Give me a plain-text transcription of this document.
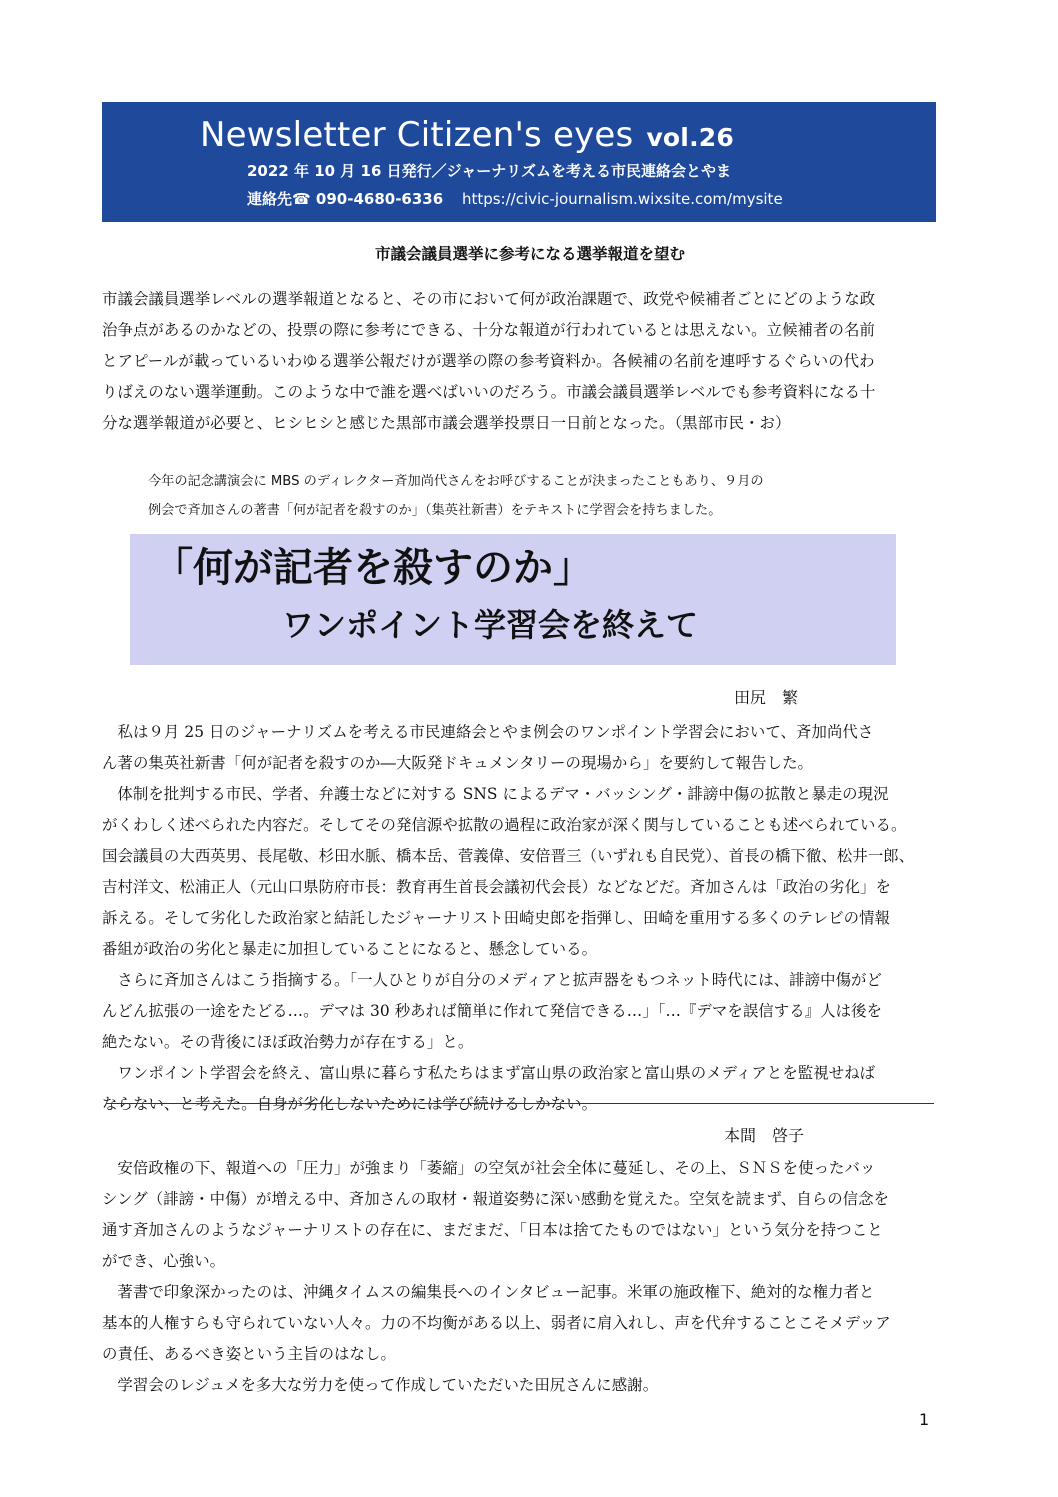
Newsletter Citizen's eyes vol.26
2022 年 10 月 16 日発行／ジャーナリズムを考える市民連絡会とやま
連絡先☎ 090-4680-6336 https://civic-journalism.wixsite.com/mysite
市議会議員選挙に参考になる選挙報道を望む

市議会議員選挙レベルの選挙報道となると、その市において何が政治課題で、政党や候補者ごとにどのような政

治争点があるのかなどの、投票の際に参考にできる、十分な報道が行われているとは思えない。立候補者の名前

とアピールが載っているいわゆる選挙公報だけが選挙の際の参考資料か。各候補の名前を連呼するぐらいの代わ

りばえのない選挙運動。このような中で誰を選べばいいのだろう。市議会議員選挙レベルでも参考資料になる十

分な選挙報道が必要と、ヒシヒシと感じた黒部市議会選挙投票日一日前となった。（黒部市民・お）

今年の記念講演会に MBS のディレクター斉加尚代さんをお呼びすることが決まったこともあり、９月の

例会で斉加さんの著書「何が記者を殺すのか」（集英社新書）をテキストに学習会を持ちました。

「何が記者を殺すのか」
ワンポイント学習会を終えて
田尻　繁

　私は９月 25 日のジャーナリズムを考える市民連絡会とやま例会のワンポイント学習会において、斉加尚代さ

ん著の集英社新書「何が記者を殺すのか―大阪発ドキュメンタリーの現場から」を要約して報告した。

体制を批判する市民、学者、弁護士などに対する SNS によるデマ・バッシング・誹謗中傷の拡散と暴走の現況

がくわしく述べられた内容だ。そしてその発信源や拡散の過程に政治家が深く関与していることも述べられている。

国会議員の大西英男、長尾敬、杉田水脈、橋本岳、菅義偉、安倍晋三（いずれも自民党）、首長の橋下徹、松井一郎、

吉村洋文、松浦正人（元山口県防府市長：教育再生首長会議初代会長）などなどだ。斉加さんは「政治の劣化」を

訴える。そして劣化した政治家と結託したジャーナリスト田崎史郎を指弾し、田崎を重用する多くのテレビの情報

番組が政治の劣化と暴走に加担していることになると、懸念している。

さらに斉加さんはこう指摘する。「一人ひとりが自分のメディアと拡声器をもつネット時代には、誹謗中傷がど

んどん拡張の一途をたどる…。デマは 30 秒あれば簡単に作れて発信できる…」「…『デマを誤信する』人は後を

絶たない。その背後にほぼ政治勢力が存在する」と。

ワンポイント学習会を終え、富山県に暮らす私たちはまず富山県の政治家と富山県のメディアとを監視せねば

ならない、と考えた。自身が劣化しないためには学び続けるしかない。

本間　啓子

安倍政権の下、報道への「圧力」が強まり「萎縮」の空気が社会全体に蔓延し、その上、ＳＮＳを使ったバッ

シング（誹謗・中傷）が増える中、斉加さんの取材・報道姿勢に深い感動を覚えた。空気を読まず、自らの信念を

通す斉加さんのようなジャーナリストの存在に、まだまだ、「日本は捨てたものではない」という気分を持つこと

ができ、心強い。

著書で印象深かったのは、沖縄タイムスの編集長へのインタビュー記事。米軍の施政権下、絶対的な権力者と

基本的人権すらも守られていない人々。力の不均衡がある以上、弱者に肩入れし、声を代弁することこそメデッア

の責任、あるべき姿という主旨のはなし。

学習会のレジュメを多大な労力を使って作成していただいた田尻さんに感謝。

1
